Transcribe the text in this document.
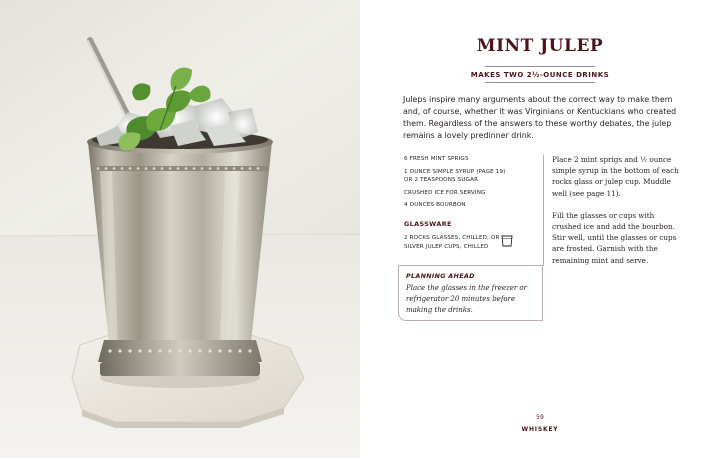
MINT JULEP
MAKES TWO 2½-OUNCE DRINKS

Juleps inspire many arguments about the correct way to make them and, of course, whether it was Virginians or Kentuckians who created them. Regardless of the answers to these worthy debates, the julep remains a lovely predinner drink.

6 FRESH MINT SPRIGS
1 OUNCE SIMPLE SYRUP (PAGE 19) OR 2 TEASPOONS SUGAR
CRUSHED ICE FOR SERVING
4 OUNCES BOURBON
GLASSWARE
2 ROCKS GLASSES, CHILLED, OR SILVER JULEP CUPS, CHILLED
PLANNING AHEAD
Place the glasses in the freezer or refrigerator 20 minutes before making the drinks.

Place 2 mint sprigs and ½ ounce simple syrup in the bottom of each rocks glass or julep cup. Muddle well (see page 11).

Fill the glasses or cups with crushed ice and add the bourbon. Stir well, until the glasses or cups are frosted. Garnish with the remaining mint and serve.

59
WHISKEY
